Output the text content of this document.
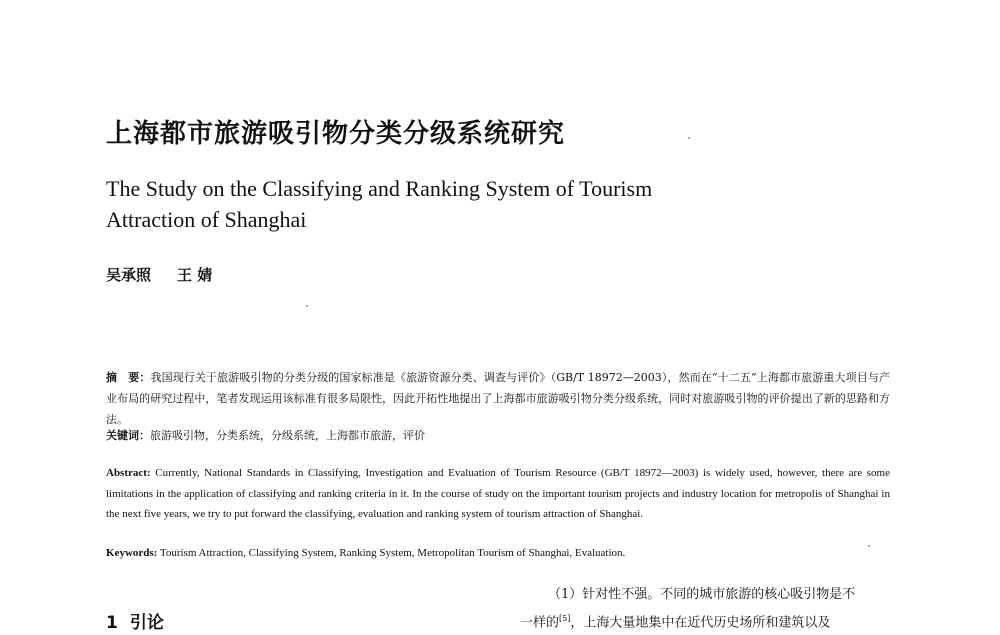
上海都市旅游吸引物分类分级系统研究
The Study on the Classifying and Ranking System of Tourism Attraction of Shanghai

吴承照 王 婧

摘　要：我国现行关于旅游吸引物的分类分级的国家标准是《旅游资源分类、调查与评价》（GB/T 18972—2003），然而在“十二五”上海都市旅游重大项目与产业布局的研究过程中，笔者发现运用该标准有很多局限性，因此开拓性地提出了上海都市旅游吸引物分类分级系统，同时对旅游吸引物的评价提出了新的思路和方法。

关键词：旅游吸引物，分类系统，分级系统，上海都市旅游，评价

Abstract: Currently, National Standards in Classifying, Investigation and Evaluation of Tourism Resource (GB/T 18972—2003) is widely used, however, there are some limitations in the application of classifying and ranking criteria in it. In the course of study on the important tourism projects and industry location for metropolis of Shanghai in the next five years, we try to put forward the classifying, evaluation and ranking system of tourism attraction of Shanghai.

Keywords: Tourism Attraction, Classifying System, Ranking System, Metropolitan Tourism of Shanghai, Evaluation.

1 引论

（1）针对性不强。不同的城市旅游的核心吸引物是不

一样的[5]，上海大量地集中在近代历史场所和建筑以及
